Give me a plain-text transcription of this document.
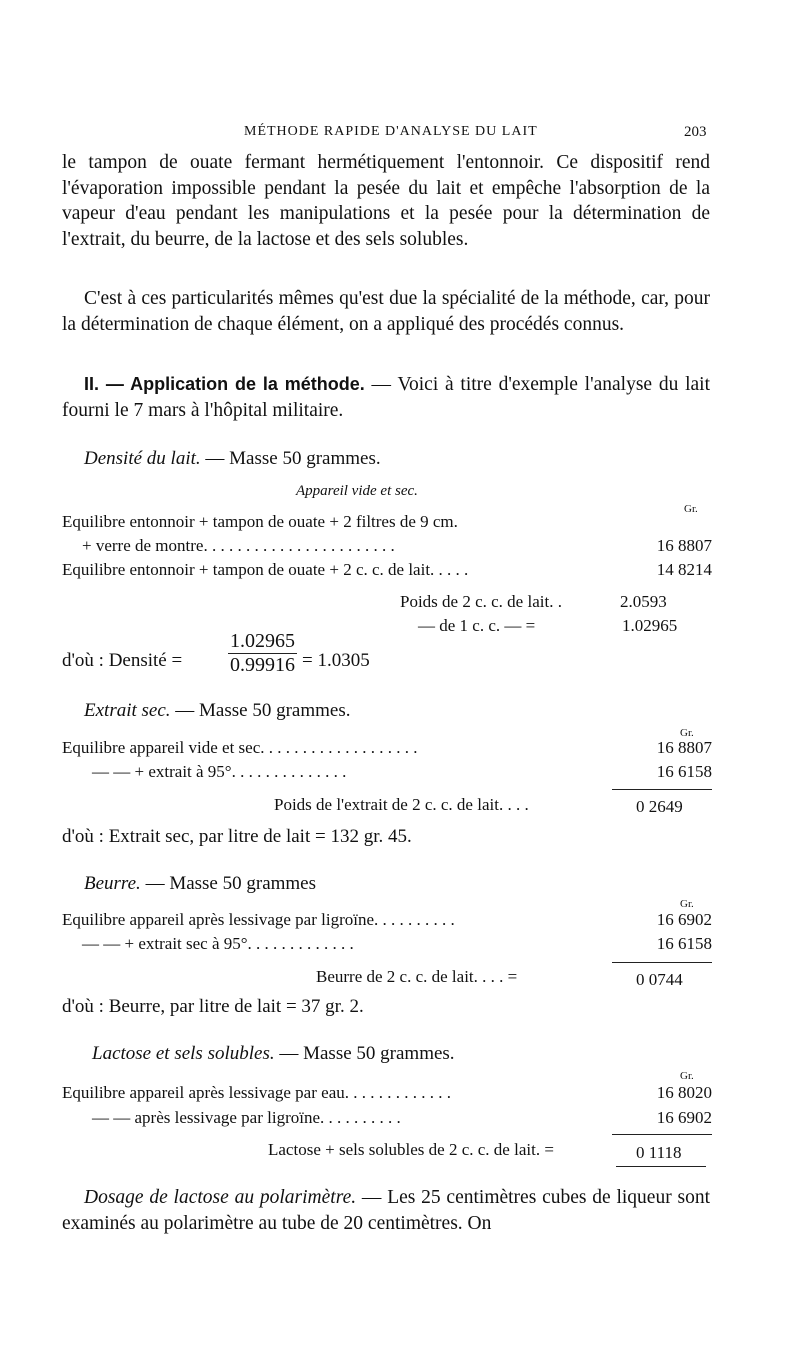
MÉTHODE RAPIDE D'ANALYSE DU LAIT	203
le tampon de ouate fermant hermétiquement l'entonnoir. Ce dispositif rend l'évaporation impossible pendant la pesée du lait et empêche l'absorption de la vapeur d'eau pendant les manipulations et la pesée pour la détermination de l'extrait, du beurre, de la lactose et des sels solubles.
C'est à ces particularités mêmes qu'est due la spécialité de la méthode, car, pour la détermination de chaque élément, on a appliqué des procédés connus.
II. — Application de la méthode. — Voici à titre d'exemple l'analyse du lait fourni le 7 mars à l'hôpital militaire.
Densité du lait. — Masse 50 grammes.
Appareil vide et sec.
Gr.
Equilibre entonnoir + tampon de ouate + 2 filtres de 9 cm.
+ verre de montre. . . . . . . . . . . . . . . . . . . . . . .	16 8807
Equilibre entonnoir + tampon de ouate + 2 c. c. de lait. . . . .	14 8214
Poids de 2 c. c. de lait. .	2.0593
— de 1 c. c. — =	1.02965
d'où : Densité = $\frac{1.02965}{0.99916} = 1.0305$
Extrait sec. — Masse 50 grammes.
Gr.
Equilibre appareil vide et sec. . . . . . . . . . . . . . . . . . .	16 8807
— — + extrait à 95°. . . . . . . . . . . . . .	16 6158
Poids de l'extrait de 2 c. c. de lait. . . .	0 2649
d'où : Extrait sec, par litre de lait = 132 gr. 45.
Beurre. — Masse 50 grammes
Gr.
Equilibre appareil après lessivage par ligroïne. . . . . . . . . .	16 6902
— — + extrait sec à 95°. . . . . . . . . . . . .	16 6158
Beurre de 2 c. c. de lait. . . . =	0 0744
d'où : Beurre, par litre de lait = 37 gr. 2.
Lactose et sels solubles. — Masse 50 grammes.
Gr.
Equilibre appareil après lessivage par eau. . . . . . . . . . . . .	16 8020
— — après lessivage par ligroïne. . . . . . . . . .	16 6902
Lactose + sels solubles de 2 c. c. de lait. =	0 1118
Dosage de lactose au polarimètre. — Les 25 centimètres cubes de liqueur sont examinés au polarimètre au tube de 20 centimètres. On
